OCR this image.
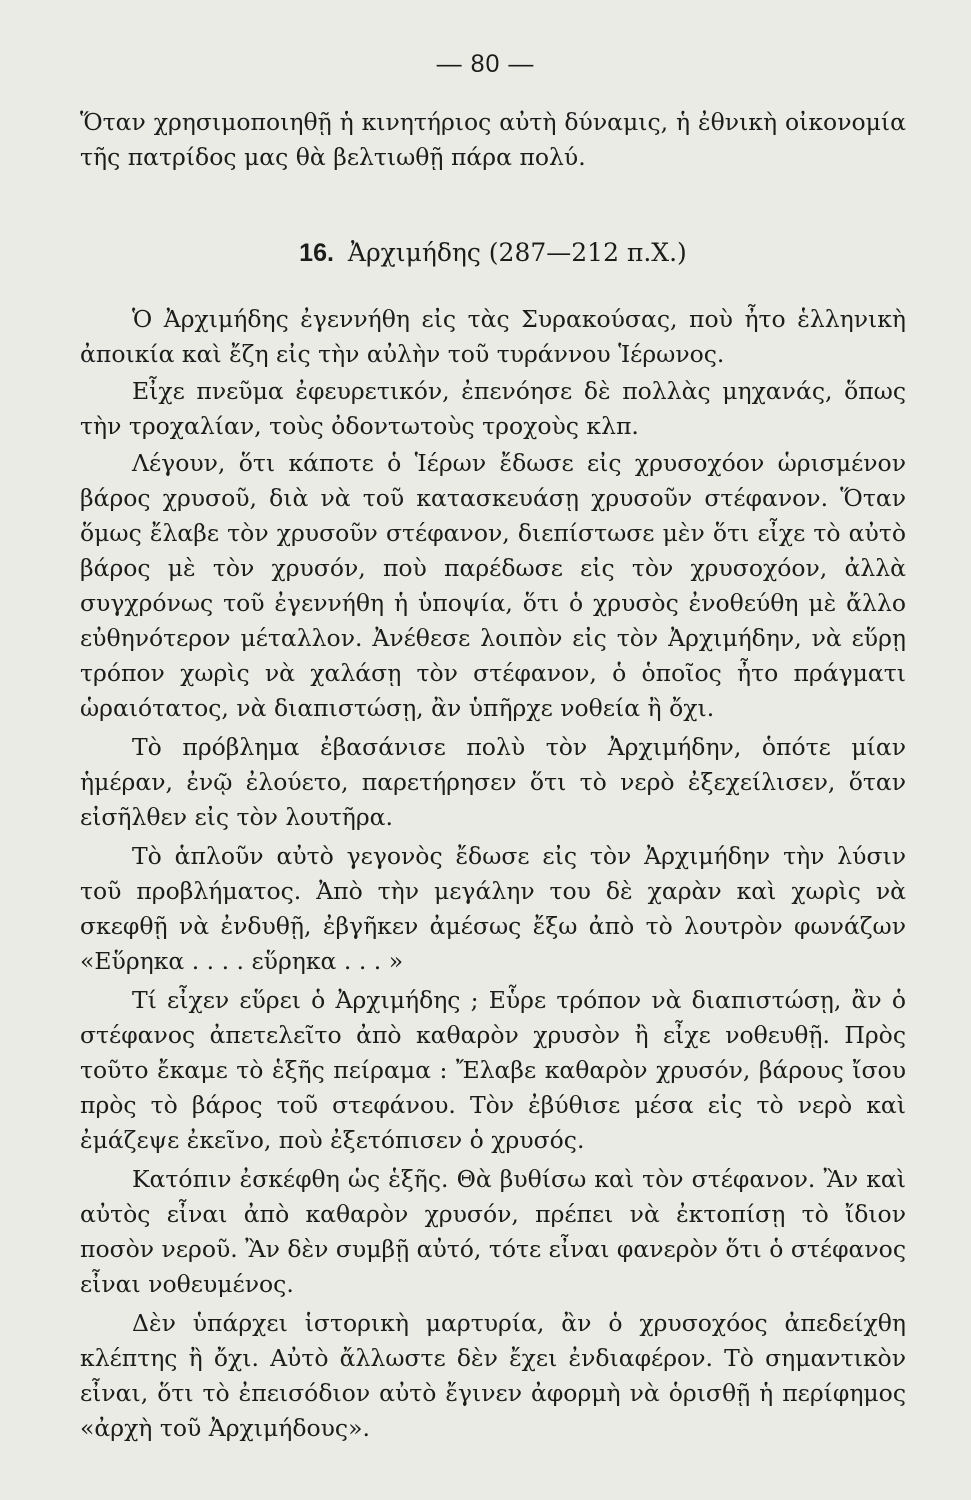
— 80 —

Ὅταν χρησιμοποιηθῇ ἡ κινητήριος αὐτὴ δύναμις, ἡ ἐθνικὴ οἰκονομία τῆς πατρίδος μας θὰ βελτιωθῇ πάρα πολύ.

16. Ἀρχιμήδης (287—212 π.Χ.)

Ὁ Ἀρχιμήδης ἐγεννήθη εἰς τὰς Συρακούσας, ποὺ ἦτο ἑλληνικὴ ἀποικία καὶ ἔζη εἰς τὴν αὐλὴν τοῦ τυράννου Ἱέρωνος.

Εἶχε πνεῦμα ἐφευρετικόν, ἐπενόησε δὲ πολλὰς μηχανάς, ὅπως τὴν τροχαλίαν, τοὺς ὀδοντωτοὺς τροχοὺς κλπ.

Λέγουν, ὅτι κάποτε ὁ Ἱέρων ἔδωσε εἰς χρυσοχόον ὡρισμένον βάρος χρυσοῦ, διὰ νὰ τοῦ κατασκευάσῃ χρυσοῦν στέφανον. Ὅταν ὅμως ἔλαβε τὸν χρυσοῦν στέφανον, διεπίστωσε μὲν ὅτι εἶχε τὸ αὐτὸ βάρος μὲ τὸν χρυσόν, ποὺ παρέδωσε εἰς τὸν χρυσοχόον, ἀλλὰ συγχρόνως τοῦ ἐγεννήθη ἡ ὑποψία, ὅτι ὁ χρυσὸς ἐνοθεύθη μὲ ἄλλο εὐθηνότερον μέταλλον. Ἀνέθεσε λοιπὸν εἰς τὸν Ἀρχιμήδην, νὰ εὕρῃ τρόπον χωρὶς νὰ χαλάσῃ τὸν στέφανον, ὁ ὁποῖος ἦτο πράγματι ὡραιότατος, νὰ διαπιστώσῃ, ἂν ὑπῆρχε νοθεία ἢ ὄχι.

Τὸ πρόβλημα ἐβασάνισε πολὺ τὸν Ἀρχιμήδην, ὁπότε μίαν ἡμέραν, ἐνῷ ἐλούετο, παρετήρησεν ὅτι τὸ νερὸ ἐξεχείλισεν, ὅταν εἰσῆλθεν εἰς τὸν λουτῆρα.

Τὸ ἁπλοῦν αὐτὸ γεγονὸς ἔδωσε εἰς τὸν Ἀρχιμήδην τὴν λύσιν τοῦ προβλήματος. Ἀπὸ τὴν μεγάλην του δὲ χαρὰν καὶ χωρὶς νὰ σκεφθῇ νὰ ἐνδυθῇ, ἐβγῆκεν ἀμέσως ἔξω ἀπὸ τὸ λουτρὸν φωνάζων «Εὕρηκα . . . . εὕρηκα . . . »

Τί εἶχεν εὕρει ὁ Ἀρχιμήδης ; Εὗρε τρόπον νὰ διαπιστώσῃ, ἂν ὁ στέφανος ἀπετελεῖτο ἀπὸ καθαρὸν χρυσὸν ἢ εἶχε νοθευθῇ. Πρὸς τοῦτο ἔκαμε τὸ ἑξῆς πείραμα : Ἔλαβε καθαρὸν χρυσόν, βάρους ἴσου πρὸς τὸ βάρος τοῦ στεφάνου. Τὸν ἐβύθισε μέσα εἰς τὸ νερὸ καὶ ἐμάζεψε ἐκεῖνο, ποὺ ἐξετόπισεν ὁ χρυσός.

Κατόπιν ἐσκέφθη ὡς ἑξῆς. Θὰ βυθίσω καὶ τὸν στέφανον. Ἂν καὶ αὐτὸς εἶναι ἀπὸ καθαρὸν χρυσόν, πρέπει νὰ ἐκτοπίσῃ τὸ ἴδιον ποσὸν νεροῦ. Ἂν δὲν συμβῇ αὐτό, τότε εἶναι φανερὸν ὅτι ὁ στέφανος εἶναι νοθευμένος.

Δὲν ὑπάρχει ἱστορικὴ μαρτυρία, ἂν ὁ χρυσοχόος ἀπεδείχθη κλέπτης ἢ ὄχι. Αὐτὸ ἄλλωστε δὲν ἔχει ἐνδιαφέρον. Τὸ σημαντικὸν εἶναι, ὅτι τὸ ἐπεισόδιον αὐτὸ ἔγινεν ἀφορμὴ νὰ ὁρισθῇ ἡ περίφημος «ἀρχὴ τοῦ Ἀρχιμήδους».
